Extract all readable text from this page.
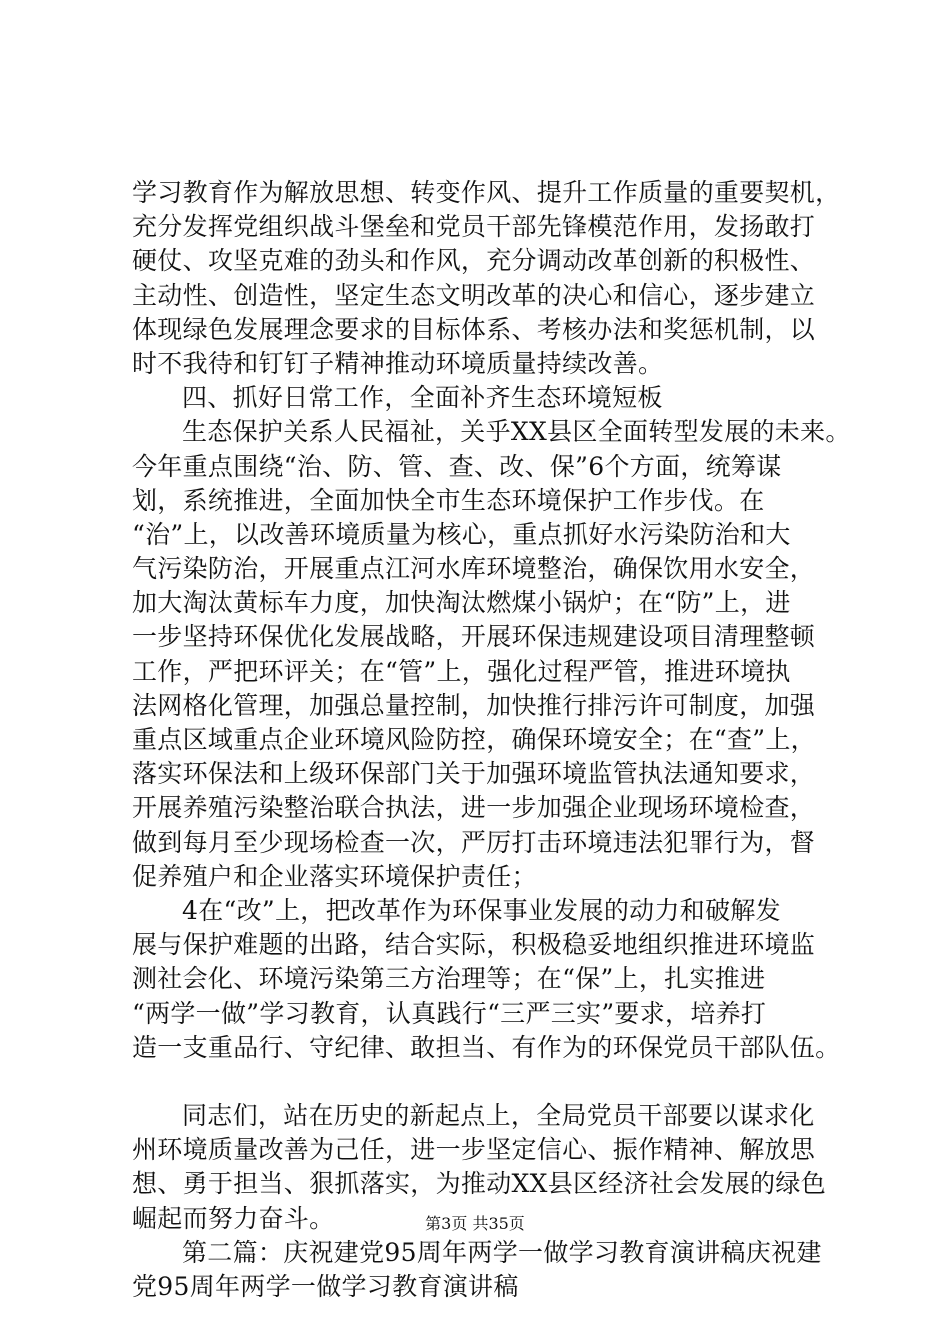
学习教育作为解放思想、转变作风、提升工作质量的重要契机，
充分发挥党组织战斗堡垒和党员干部先锋模范作用，发扬敢打
硬仗、攻坚克难的劲头和作风，充分调动改革创新的积极性、
主动性、创造性，坚定生态文明改革的决心和信心，逐步建立
体现绿色发展理念要求的目标体系、考核办法和奖惩机制，以
时不我待和钉钉子精神推动环境质量持续改善。
四、抓好日常工作，全面补齐生态环境短板
生态保护关系人民福祉，关乎XX县区全面转型发展的未来。
今年重点围绕“治、防、管、查、改、保”6个方面，统筹谋
划，系统推进，全面加快全市生态环境保护工作步伐。在
“治”上，以改善环境质量为核心，重点抓好水污染防治和大
气污染防治，开展重点江河水库环境整治，确保饮用水安全，
加大淘汰黄标车力度，加快淘汰燃煤小锅炉；在“防”上，进
一步坚持环保优化发展战略，开展环保违规建设项目清理整顿
工作，严把环评关；在“管”上，强化过程严管，推进环境执
法网格化管理，加强总量控制，加快推行排污许可制度，加强
重点区域重点企业环境风险防控，确保环境安全；在“查”上，
落实环保法和上级环保部门关于加强环境监管执法通知要求，
开展养殖污染整治联合执法，进一步加强企业现场环境检查，
做到每月至少现场检查一次，严厉打击环境违法犯罪行为，督
促养殖户和企业落实环境保护责任；
4在“改”上，把改革作为环保事业发展的动力和破解发
展与保护难题的出路，结合实际，积极稳妥地组织推进环境监
测社会化、环境污染第三方治理等；在“保”上，扎实推进
“两学一做”学习教育，认真践行“三严三实”要求，培养打
造一支重品行、守纪律、敢担当、有作为的环保党员干部队伍。
同志们，站在历史的新起点上，全局党员干部要以谋求化
州环境质量改善为己任，进一步坚定信心、振作精神、解放思
想、勇于担当、狠抓落实，为推动XX县区经济社会发展的绿色
崛起而努力奋斗。
第二篇：庆祝建党95周年两学一做学习教育演讲稿庆祝建
党95周年两学一做学习教育演讲稿
第3页 共35页
